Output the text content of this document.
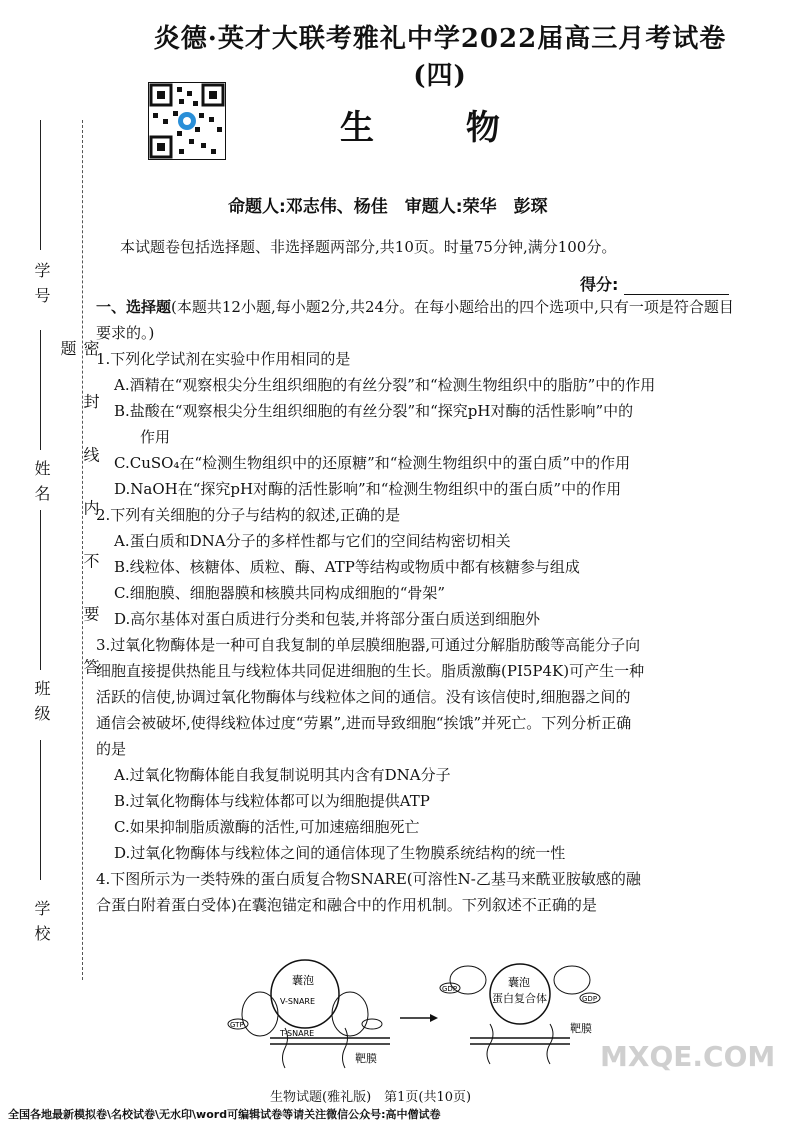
学 号
姓 名
班 级
学 校
密 封 线 内 不 要 答 题
炎德·英才大联考雅礼中学2022届高三月考试卷(四)
生 物
命题人:邓志伟、杨佳　审题人:荣华　彭琛
本试题卷包括选择题、非选择题两部分,共10页。时量75分钟,满分100分。
得分:

一、选择题(本题共12小题,每小题2分,共24分。在每小题给出的四个选项中,只有一项是符合题目要求的。)

1.下列化学试剂在实验中作用相同的是

A.酒精在“观察根尖分生组织细胞的有丝分裂”和“检测生物组织中的脂肪”中的作用

B.盐酸在“观察根尖分生组织细胞的有丝分裂”和“探究pH对酶的活性影响”中的

作用

C.CuSO₄在“检测生物组织中的还原糖”和“检测生物组织中的蛋白质”中的作用

D.NaOH在“探究pH对酶的活性影响”和“检测生物组织中的蛋白质”中的作用

2.下列有关细胞的分子与结构的叙述,正确的是

A.蛋白质和DNA分子的多样性都与它们的空间结构密切相关

B.线粒体、核糖体、质粒、酶、ATP等结构或物质中都有核糖参与组成

C.细胞膜、细胞器膜和核膜共同构成细胞的“骨架”

D.高尔基体对蛋白质进行分类和包装,并将部分蛋白质送到细胞外

3.过氧化物酶体是一种可自我复制的单层膜细胞器,可通过分解脂肪酸等高能分子向

细胞直接提供热能且与线粒体共同促进细胞的生长。脂质激酶(PI5P4K)可产生一种

活跃的信使,协调过氧化物酶体与线粒体之间的通信。没有该信使时,细胞器之间的

通信会被破坏,使得线粒体过度“劳累”,进而导致细胞“挨饿”并死亡。下列分析正确

的是

A.过氧化物酶体能自我复制说明其内含有DNA分子

B.过氧化物酶体与线粒体都可以为细胞提供ATP

C.如果抑制脂质激酶的活性,可加速癌细胞死亡

D.过氧化物酶体与线粒体之间的通信体现了生物膜系统结构的统一性

4.下图所示为一类特殊的蛋白质复合物SNARE(可溶性N-乙基马来酰亚胺敏感的融

合蛋白附着蛋白受体)在囊泡锚定和融合中的作用机制。下列叙述不正确的是

囊泡
V-SNARE
GTP
T-SNARE
靶膜
囊泡
蛋白复合体
GDP
GDP
靶膜
MXQE.COM
生物试题(雅礼版)　第1页(共10页)
全国各地最新模拟卷\名校试卷\无水印\word可编辑试卷等请关注微信公众号:高中僧试卷
